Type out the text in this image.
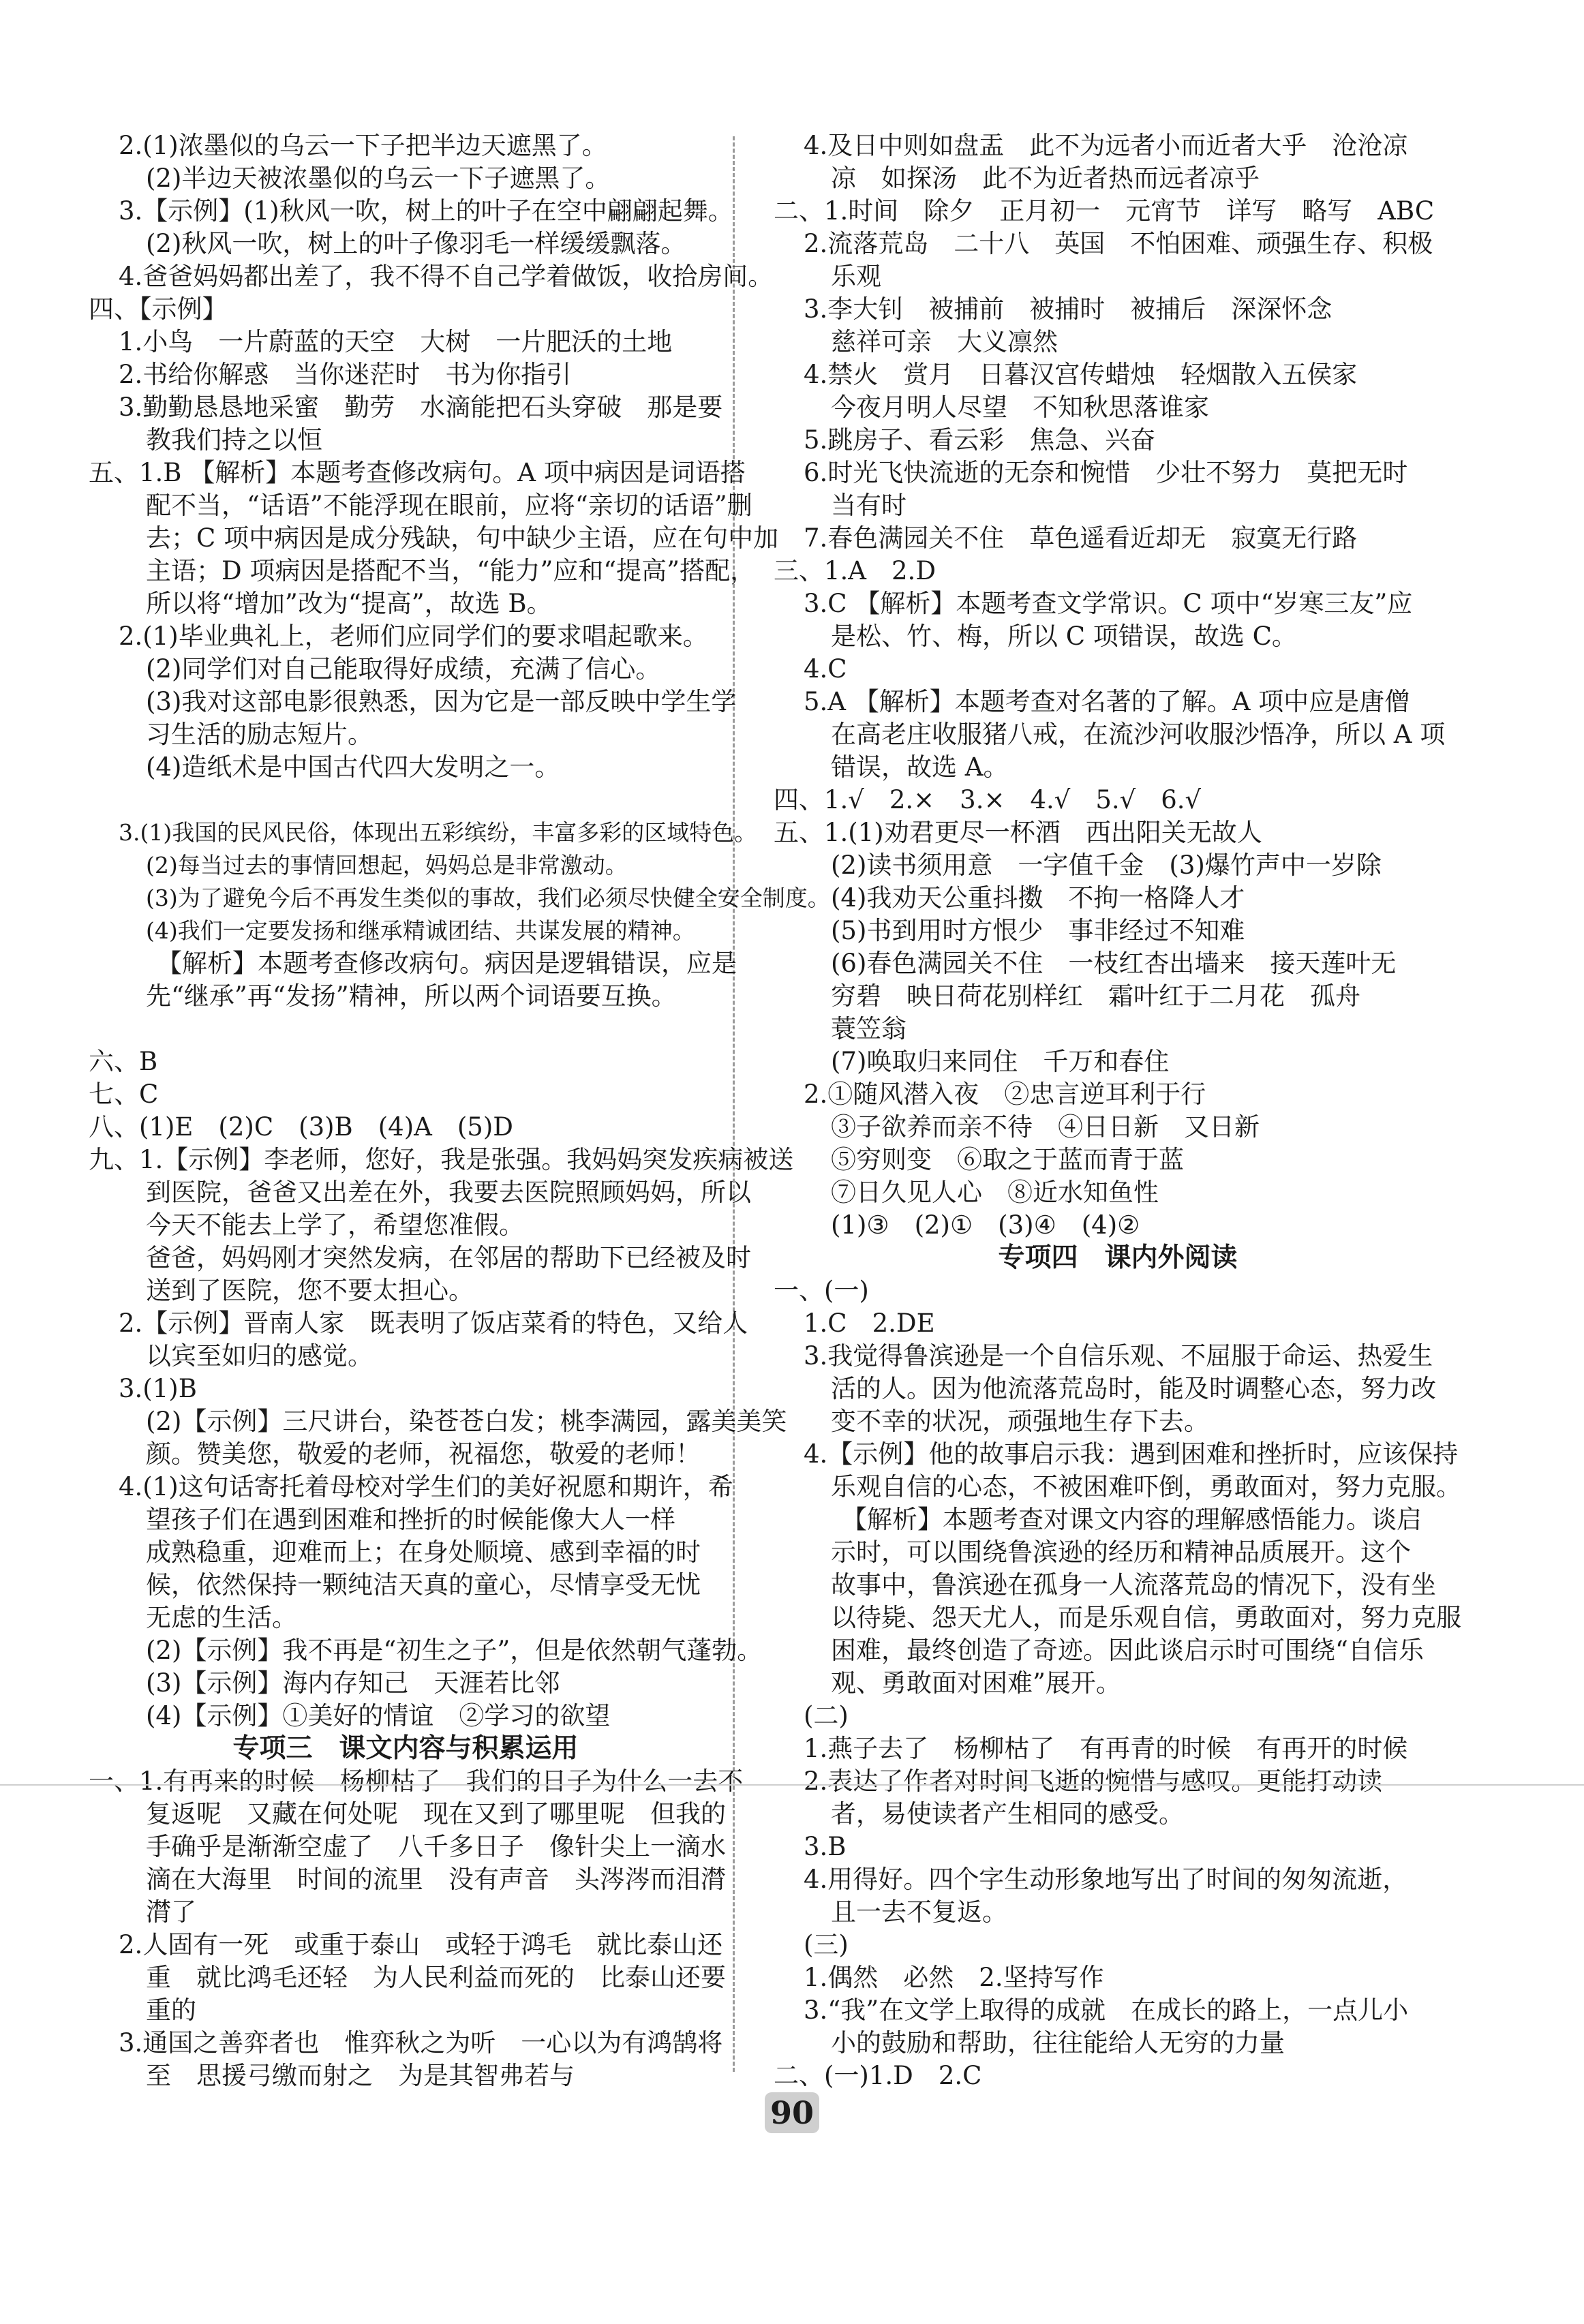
2.(1)浓墨似的乌云一下子把半边天遮黑了。
(2)半边天被浓墨似的乌云一下子遮黑了。
3.【示例】(1)秋风一吹，树上的叶子在空中翩翩起舞。
(2)秋风一吹，树上的叶子像羽毛一样缓缓飘落。
4.爸爸妈妈都出差了，我不得不自己学着做饭，收拾房间。
四、【示例】
1.小鸟　一片蔚蓝的天空　大树　一片肥沃的土地
2.书给你解惑　当你迷茫时　书为你指引
3.勤勤恳恳地采蜜　勤劳　水滴能把石头穿破　那是要
教我们持之以恒
五、1.B 【解析】本题考查修改病句。A 项中病因是词语搭
配不当，“话语”不能浮现在眼前，应将“亲切的话语”删
去；C 项中病因是成分残缺，句中缺少主语，应在句中加
主语；D 项病因是搭配不当，“能力”应和“提高”搭配，
所以将“增加”改为“提高”，故选 B。
2.(1)毕业典礼上，老师们应同学们的要求唱起歌来。
(2)同学们对自己能取得好成绩，充满了信心。
(3)我对这部电影很熟悉，因为它是一部反映中学生学
习生活的励志短片。
(4)造纸术是中国古代四大发明之一。
3.(1)我国的民风民俗，体现出五彩缤纷，丰富多彩的区域特色。
(2)每当过去的事情回想起，妈妈总是非常激动。
(3)为了避免今后不再发生类似的事故，我们必须尽快健全安全制度。
(4)我们一定要发扬和继承精诚团结、共谋发展的精神。
【解析】本题考查修改病句。病因是逻辑错误，应是
先“继承”再“发扬”精神，所以两个词语要互换。
六、B
七、C
八、(1)E　(2)C　(3)B　(4)A　(5)D
九、1.【示例】李老师，您好，我是张强。我妈妈突发疾病被送
到医院，爸爸又出差在外，我要去医院照顾妈妈，所以
今天不能去上学了，希望您准假。
爸爸，妈妈刚才突然发病，在邻居的帮助下已经被及时
送到了医院，您不要太担心。
2.【示例】晋南人家　既表明了饭店菜肴的特色，又给人
以宾至如归的感觉。
3.(1)B
(2)【示例】三尺讲台，染苍苍白发；桃李满园，露美美笑
颜。赞美您，敬爱的老师，祝福您，敬爱的老师！
4.(1)这句话寄托着母校对学生们的美好祝愿和期许，希
望孩子们在遇到困难和挫折的时候能像大人一样
成熟稳重，迎难而上；在身处顺境、感到幸福的时
候，依然保持一颗纯洁天真的童心，尽情享受无忧
无虑的生活。
(2)【示例】我不再是“初生之子”，但是依然朝气蓬勃。
(3)【示例】海内存知己　天涯若比邻
(4)【示例】①美好的情谊　②学习的欲望
专项三　课文内容与积累运用
一、1.有再来的时候　杨柳枯了　我们的日子为什么一去不
复返呢　又藏在何处呢　现在又到了哪里呢　但我的
手确乎是渐渐空虚了　八千多日子　像针尖上一滴水
滴在大海里　时间的流里　没有声音　头涔涔而泪潸
潸了
2.人固有一死　或重于泰山　或轻于鸿毛　就比泰山还
重　就比鸿毛还轻　为人民利益而死的　比泰山还要
重的
3.通国之善弈者也　惟弈秋之为听　一心以为有鸿鹄将
至　思援弓缴而射之　为是其智弗若与
4.及日中则如盘盂　此不为远者小而近者大乎　沧沧凉
凉　如探汤　此不为近者热而远者凉乎
二、1.时间　除夕　正月初一　元宵节　详写　略写　ABC
2.流落荒岛　二十八　英国　不怕困难、顽强生存、积极
乐观
3.李大钊　被捕前　被捕时　被捕后　深深怀念
慈祥可亲　大义凛然
4.禁火　赏月　日暮汉宫传蜡烛　轻烟散入五侯家
今夜月明人尽望　不知秋思落谁家
5.跳房子、看云彩　焦急、兴奋
6.时光飞快流逝的无奈和惋惜　少壮不努力　莫把无时
当有时
7.春色满园关不住　草色遥看近却无　寂寞无行路
三、1.A　2.D
3.C 【解析】本题考查文学常识。C 项中“岁寒三友”应
是松、竹、梅，所以 C 项错误，故选 C。
4.C
5.A 【解析】本题考查对名著的了解。A 项中应是唐僧
在高老庄收服猪八戒，在流沙河收服沙悟净，所以 A 项
错误，故选 A。
四、1.√　2.×　3.×　4.√　5.√　6.√
五、1.(1)劝君更尽一杯酒　西出阳关无故人
(2)读书须用意　一字值千金　(3)爆竹声中一岁除
(4)我劝天公重抖擞　不拘一格降人才
(5)书到用时方恨少　事非经过不知难
(6)春色满园关不住　一枝红杏出墙来　接天莲叶无
穷碧　映日荷花别样红　霜叶红于二月花　孤舟
蓑笠翁
(7)唤取归来同住　千万和春住
2.①随风潜入夜　②忠言逆耳利于行
③子欲养而亲不待　④日日新　又日新
⑤穷则变　⑥取之于蓝而青于蓝
⑦日久见人心　⑧近水知鱼性
(1)③　(2)①　(3)④　(4)②
专项四　课内外阅读
一、(一)
1.C　2.DE
3.我觉得鲁滨逊是一个自信乐观、不屈服于命运、热爱生
活的人。因为他流落荒岛时，能及时调整心态，努力改
变不幸的状况，顽强地生存下去。
4.【示例】他的故事启示我：遇到困难和挫折时，应该保持
乐观自信的心态，不被困难吓倒，勇敢面对，努力克服。
【解析】本题考查对课文内容的理解感悟能力。谈启
示时，可以围绕鲁滨逊的经历和精神品质展开。这个
故事中，鲁滨逊在孤身一人流落荒岛的情况下，没有坐
以待毙、怨天尤人，而是乐观自信，勇敢面对，努力克服
困难，最终创造了奇迹。因此谈启示时可围绕“自信乐
观、勇敢面对困难”展开。
(二)
1.燕子去了　杨柳枯了　有再青的时候　有再开的时候
2.表达了作者对时间飞逝的惋惜与感叹。更能打动读
者，易使读者产生相同的感受。
3.B
4.用得好。四个字生动形象地写出了时间的匆匆流逝，
且一去不复返。
(三)
1.偶然　必然　2.坚持写作
3.“我”在文学上取得的成就　在成长的路上，一点儿小
小的鼓励和帮助，往往能给人无穷的力量
二、(一)1.D　2.C
90
